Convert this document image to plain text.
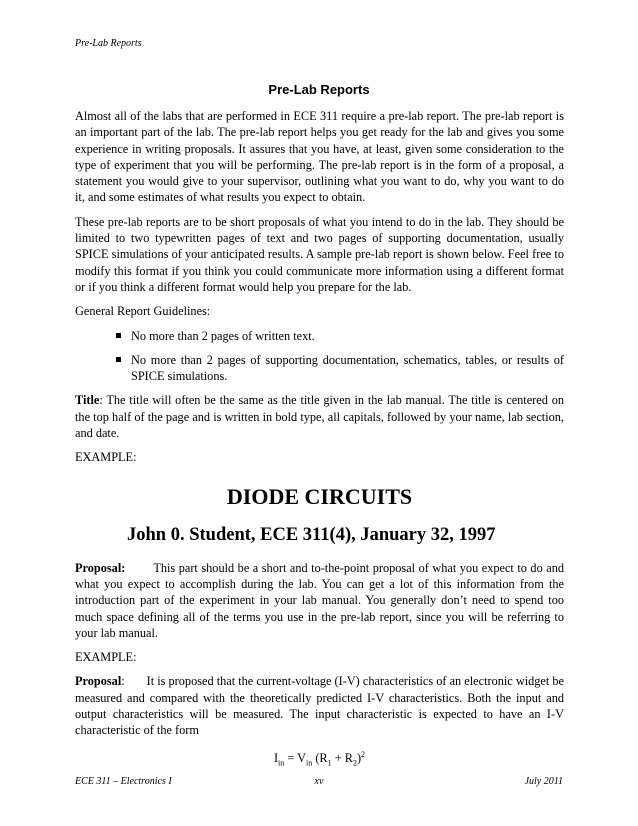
Pre-Lab Reports
Pre-Lab Reports

Almost all of the labs that are performed in ECE 311 require a pre-lab report. The pre-lab report is an important part of the lab. The pre-lab report helps you get ready for the lab and gives you some experience in writing proposals. It assures that you have, at least, given some consideration to the type of experiment that you will be performing. The pre-lab report is in the form of a proposal, a statement you would give to your supervisor, outlining what you want to do, why you want to do it, and some estimates of what results you expect to obtain.

These pre-lab reports are to be short proposals of what you intend to do in the lab. They should be limited to two typewritten pages of text and two pages of supporting documentation, usually SPICE simulations of your anticipated results. A sample pre-lab report is shown below. Feel free to modify this format if you think you could communicate more information using a different format or if you think a different format would help you prepare for the lab.

General Report Guidelines:

No more than 2 pages of written text.
No more than 2 pages of supporting documentation, schematics, tables, or results of SPICE simulations.

Title: The title will often be the same as the title given in the lab manual. The title is centered on the top half of the page and is written in bold type, all capitals, followed by your name, lab section, and date.

EXAMPLE:

DIODE CIRCUITS
John 0. Student, ECE 311(4), January 32, 1997

Proposal: This part should be a short and to-the-point proposal of what you expect to do and what you expect to accomplish during the lab. You can get a lot of this information from the introduction part of the experiment in your lab manual. You generally don’t need to spend too much space defining all of the terms you use in the pre-lab report, since you will be referring to your lab manual.

EXAMPLE:

Proposal: It is proposed that the current-voltage (I-V) characteristics of an electronic widget be measured and compared with the theoretically predicted I-V characteristics. Both the input and output characteristics will be measured. The input characteristic is expected to have an I-V characteristic of the form

$I_{in} = V_{in}$ $(R_1 + R_2)^2$
ECE 311 – Electronics I	xv	July 2011
